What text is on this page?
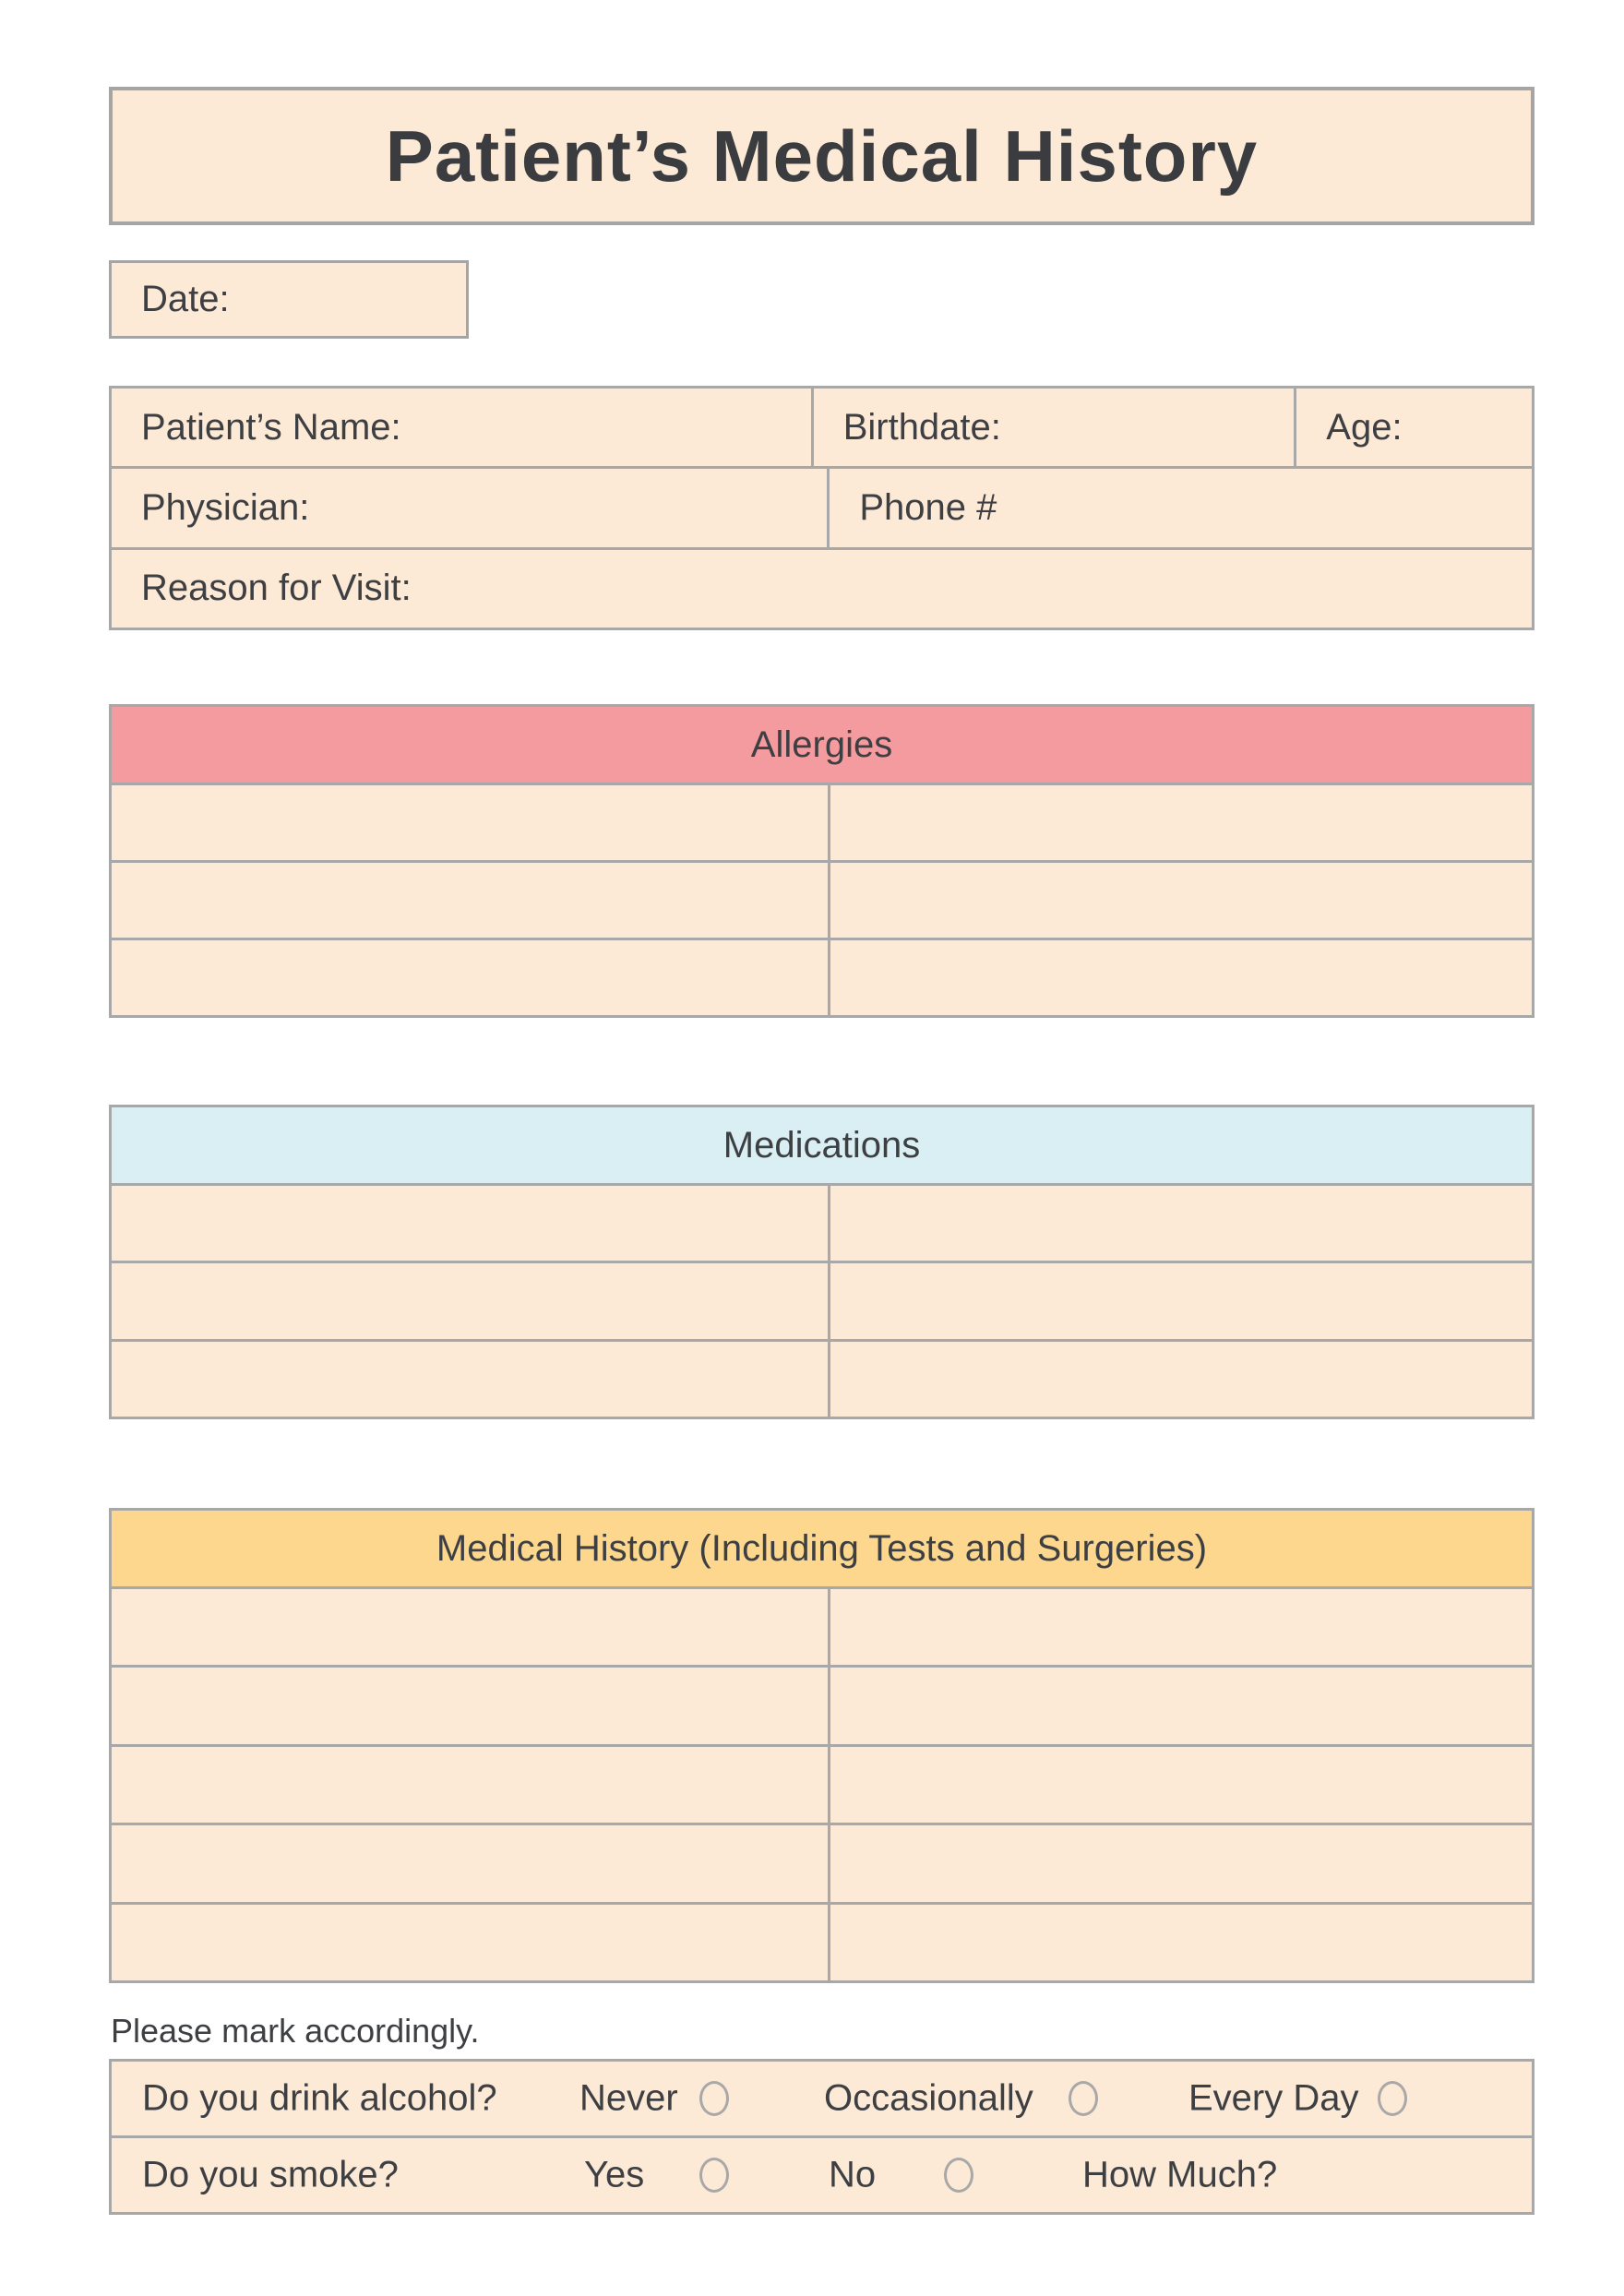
Patient’s Medical History
Date:
Patient’s Name:	Birthdate:	Age:
Physician:	Phone #
Reason for Visit:
Allergies
Medications
Medical History (Including Tests and Surgeries)
Please mark accordingly.
Do you drink alcohol? Never	Occasionally	Every Day
Do you smoke?	Yes	No	How Much?
